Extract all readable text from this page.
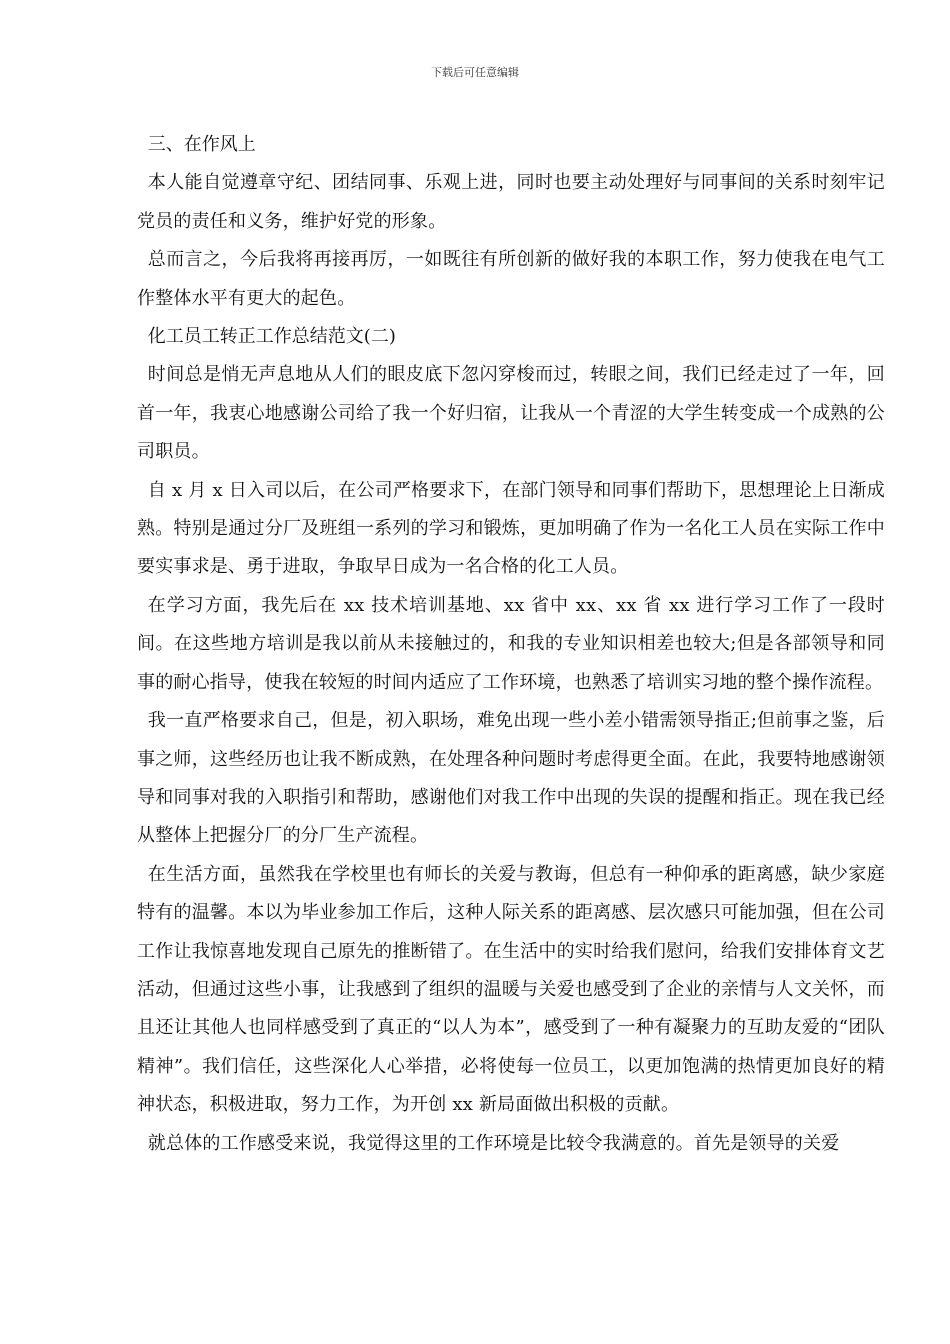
下载后可任意编辑

三、在作风上

本人能自觉遵章守纪、团结同事、乐观上进，同时也要主动处理好与同事间的关系时刻牢记党员的责任和义务，维护好党的形象。

总而言之，今后我将再接再厉，一如既往有所创新的做好我的本职工作，努力使我在电气工作整体水平有更大的起色。

化工员工转正工作总结范文(二)

时间总是悄无声息地从人们的眼皮底下忽闪穿梭而过，转眼之间，我们已经走过了一年，回首一年，我衷心地感谢公司给了我一个好归宿，让我从一个青涩的大学生转变成一个成熟的公司职员。

自 x 月 x 日入司以后，在公司严格要求下，在部门领导和同事们帮助下，思想理论上日渐成熟。特别是通过分厂及班组一系列的学习和锻炼，更加明确了作为一名化工人员在实际工作中要实事求是、勇于进取，争取早日成为一名合格的化工人员。

在学习方面，我先后在 xx 技术培训基地、xx 省中 xx、xx 省 xx 进行学习工作了一段时间。在这些地方培训是我以前从未接触过的，和我的专业知识相差也较大;但是各部领导和同事的耐心指导，使我在较短的时间内适应了工作环境，也熟悉了培训实习地的整个操作流程。

我一直严格要求自己，但是，初入职场，难免出现一些小差小错需领导指正;但前事之鉴，后事之师，这些经历也让我不断成熟，在处理各种问题时考虑得更全面。在此，我要特地感谢领导和同事对我的入职指引和帮助，感谢他们对我工作中出现的失误的提醒和指正。现在我已经从整体上把握分厂的分厂生产流程。

在生活方面，虽然我在学校里也有师长的关爱与教诲，但总有一种仰承的距离感，缺少家庭特有的温馨。本以为毕业参加工作后，这种人际关系的距离感、层次感只可能加强，但在公司工作让我惊喜地发现自己原先的推断错了。在生活中的实时给我们慰问，给我们安排体育文艺活动，但通过这些小事，让我感到了组织的温暖与关爱也感受到了企业的亲情与人文关怀，而且还让其他人也同样感受到了真正的“以人为本”，感受到了一种有凝聚力的互助友爱的“团队精神”。我们信任，这些深化人心举措，必将使每一位员工，以更加饱满的热情更加良好的精神状态，积极进取，努力工作，为开创 xx 新局面做出积极的贡献。

就总体的工作感受来说，我觉得这里的工作环境是比较令我满意的。首先是领导的关爱
